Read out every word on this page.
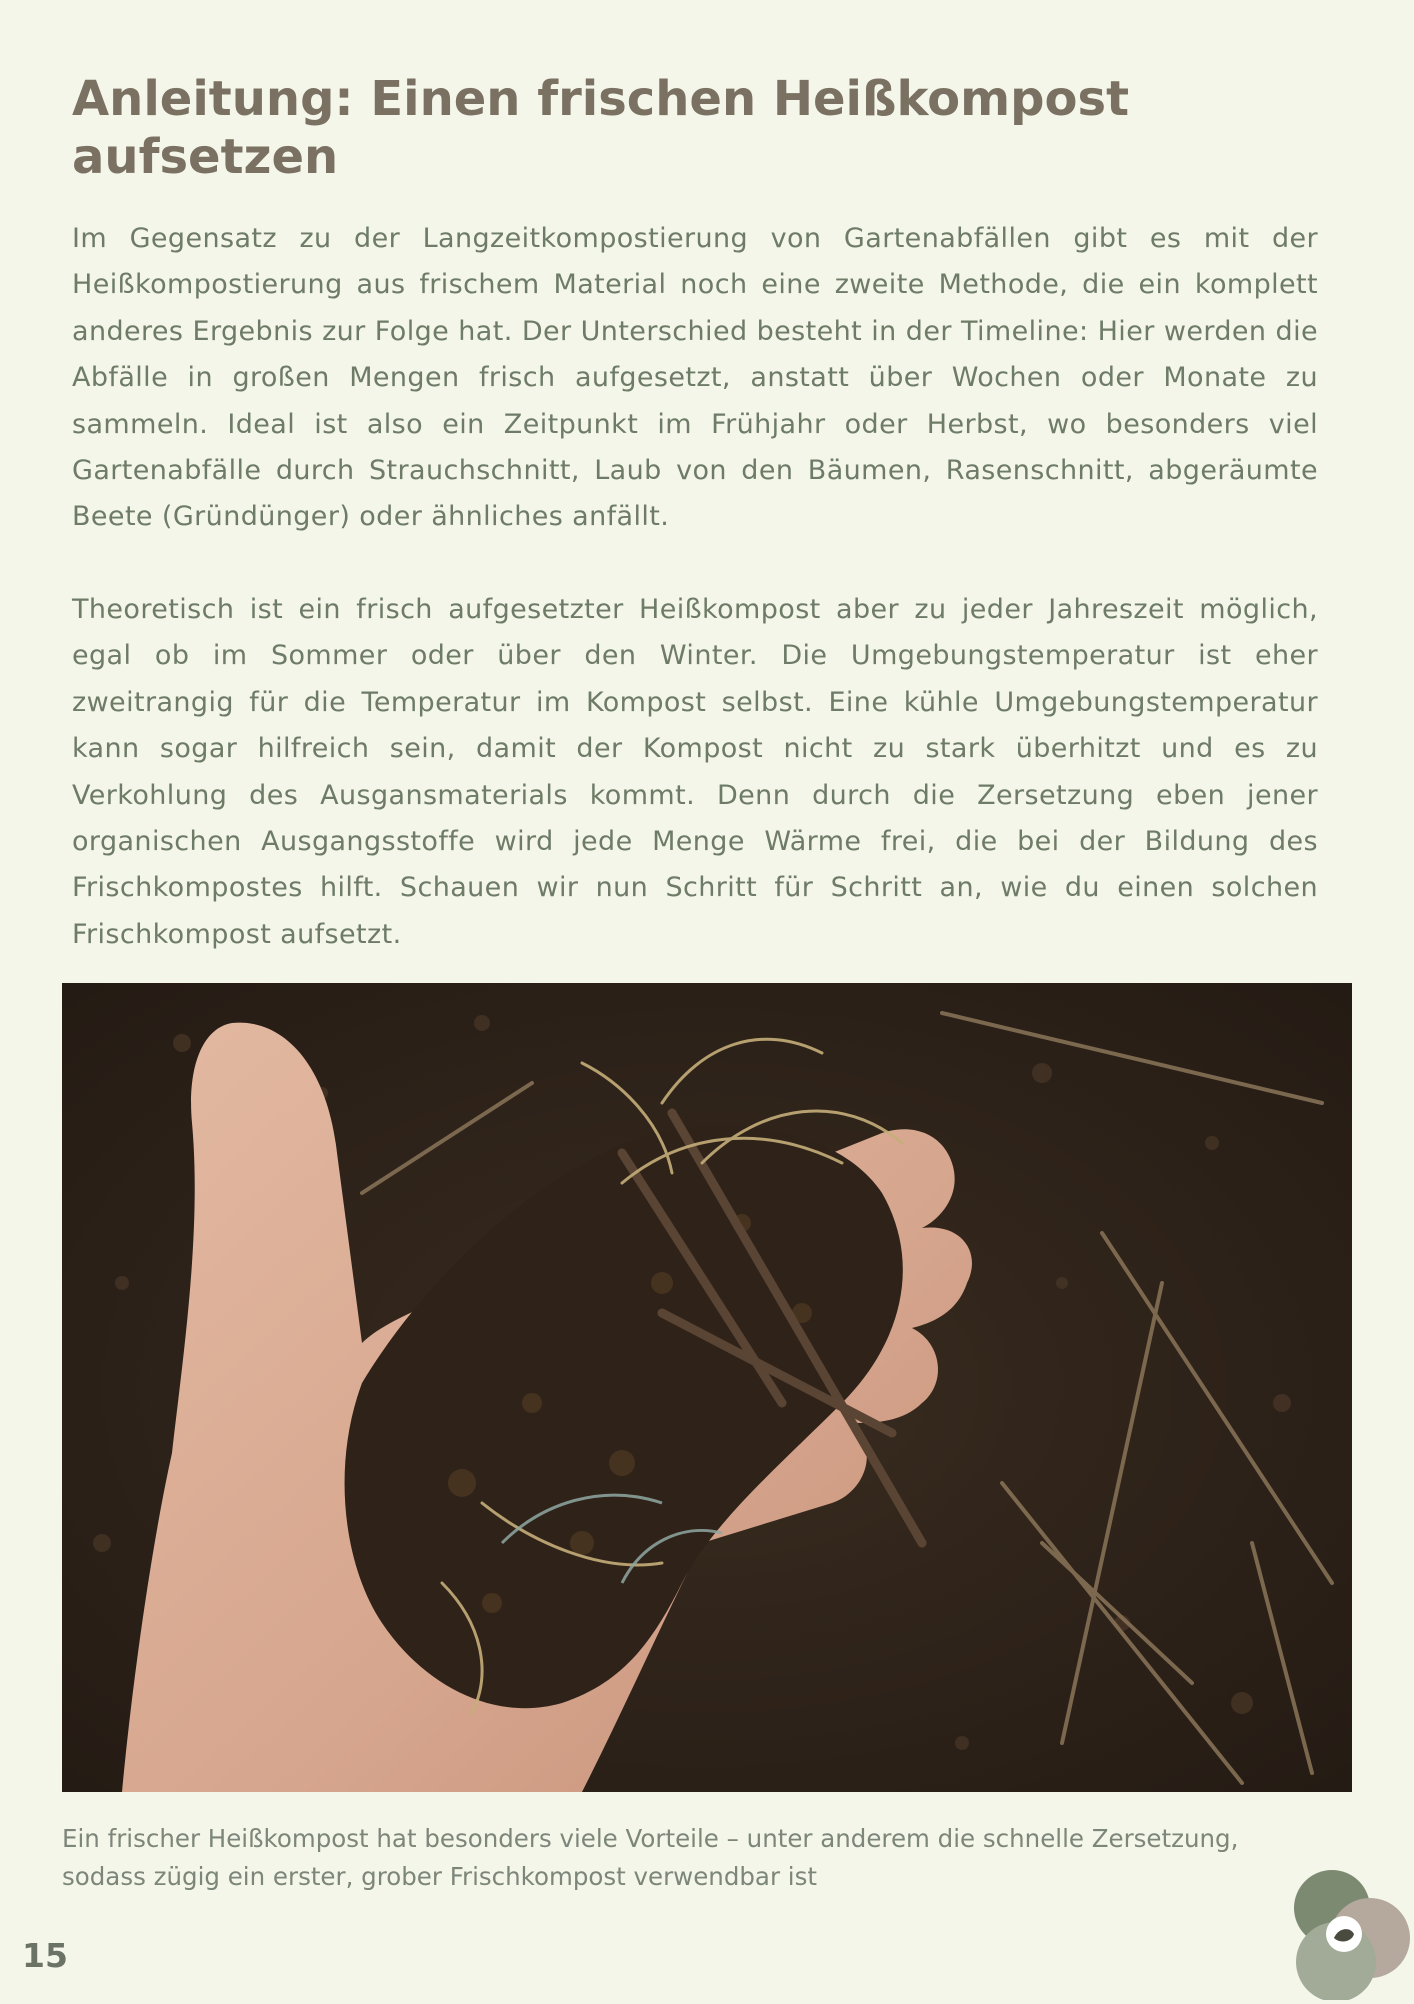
Anleitung: Einen frischen Heißkompost aufsetzen

Im Gegensatz zu der Langzeitkompostierung von Gartenabfällen gibt es mit der Heißkompostierung aus frischem Material noch eine zweite Methode, die ein komplett anderes Ergebnis zur Folge hat. Der Unterschied besteht in der Timeline: Hier werden die Abfälle in großen Mengen frisch aufgesetzt, anstatt über Wochen oder Monate zu sammeln. Ideal ist also ein Zeitpunkt im Frühjahr oder Herbst, wo besonders viel Gartenabfälle durch Strauchschnitt, Laub von den Bäumen, Rasenschnitt, abgeräumte Beete (Gründünger) oder ähnliches anfällt.

Theoretisch ist ein frisch aufgesetzter Heißkompost aber zu jeder Jahreszeit möglich, egal ob im Sommer oder über den Winter. Die Umgebungstemperatur ist eher zweitrangig für die Temperatur im Kompost selbst. Eine kühle Umgebungstemperatur kann sogar hilfreich sein, damit der Kompost nicht zu stark überhitzt und es zu Verkohlung des Ausgansmaterials kommt. Denn durch die Zersetzung eben jener organischen Ausgangsstoffe wird jede Menge Wärme frei, die bei der Bildung des Frischkompostes hilft. Schauen wir nun Schritt für Schritt an, wie du einen solchen Frischkompost aufsetzt.

Ein frischer Heißkompost hat besonders viele Vorteile – unter anderem die schnelle Zersetzung, sodass zügig ein erster, grober Frischkompost verwendbar ist

15
